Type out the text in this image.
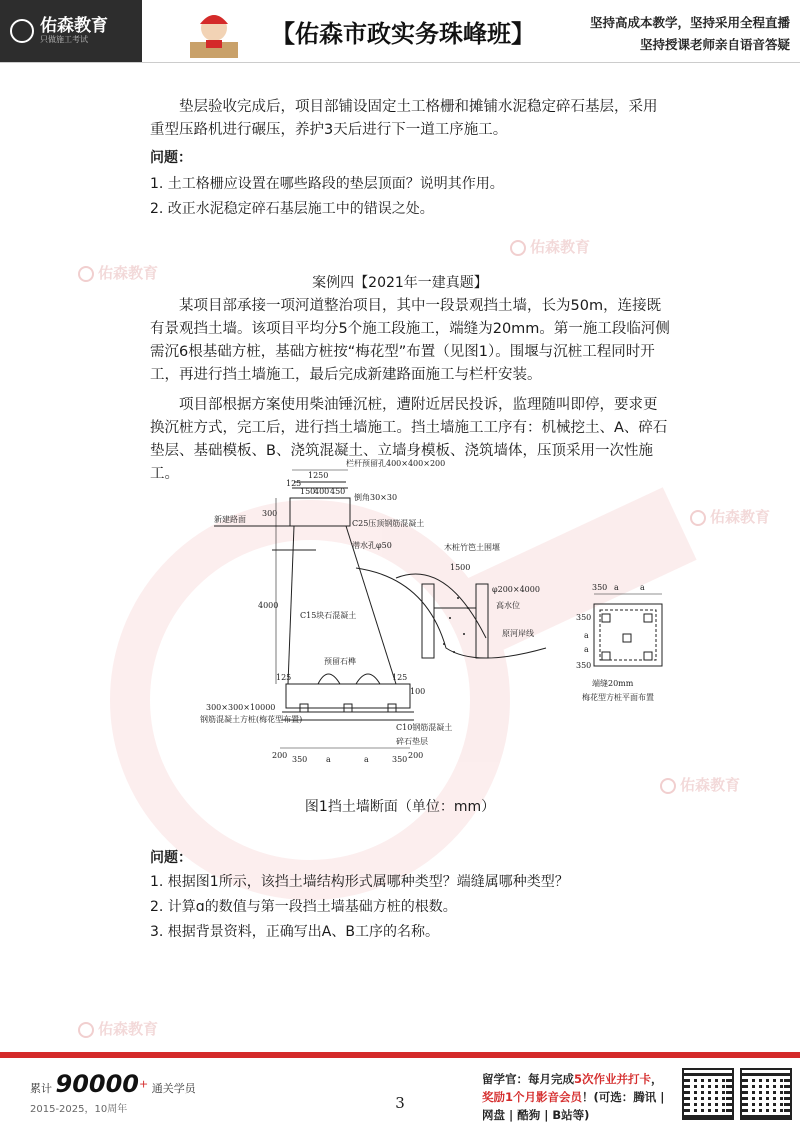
佑森教育
只做施工考试	【佑森市政实务珠峰班】	坚持高成本教学，坚持采用全程直播
坚持授课老师亲自语音答疑
佑森教育
佑森教育
佑森教育
佑森教育
佑森教育
垫层验收完成后，项目部铺设固定土工格栅和摊铺水泥稳定碎石基层，采用重型压路机进行碾压，养护3天后进行下一道工序施工。
问题：
1. 土工格栅应设置在哪些路段的垫层顶面？说明其作用。
2. 改正水泥稳定碎石基层施工中的错误之处。
案例四【2021年一建真题】
某项目部承接一项河道整治项目，其中一段景观挡土墙，长为50m，连接既有景观挡土墙。该项目平均分5个施工段施工，端缝为20mm。第一施工段临河侧需沉6根基础方桩，基础方桩按“梅花型”布置（见图1）。围堰与沉桩工程同时开工，再进行挡土墙施工，最后完成新建路面施工与栏杆安装。
项目部根据方案使用柴油锤沉桩，遭附近居民投诉，监理随叫即停，要求更换沉桩方式，完工后，进行挡土墙施工。挡土墙施工工序有：机械挖土、A、碎石垫层、基础模板、B、浇筑混凝土、立墙身模板、浇筑墙体，压顶采用一次性施工。
栏杆预留孔400×400×200
倒角30×30
C25压顶钢筋混凝土
新建路面
潜水孔φ50
C15块石混凝土
木桩竹笆土围堰
φ200×4000
高水位
原河岸线
预留石榫
300×300×10000
钢筋混凝土方桩(梅花型布置)
C10钢筋混凝土
碎石垫层
端缝20mm
梅花型方桩平面布置
1250
125
150
400 450
300
4000
1500
125	125
100
200 350 a	a	350 200
350 a	a
350
a
a
350
图1挡土墙断面（单位：mm）
问题：
1. 根据图1所示，该挡土墙结构形式属哪种类型？端缝属哪种类型？
2. 计算ɑ的数值与第一段挡土墙基础方桩的根数。
3. 根据背景资料，正确写出A、B工序的名称。
累计 90000+ 通关学员
2015-2025，10周年	3
留学官：每月完成5次作业并打卡，
奖励1个月影音会员！(可选：腾讯 |
网盘 | 酷狗 | B站等)
